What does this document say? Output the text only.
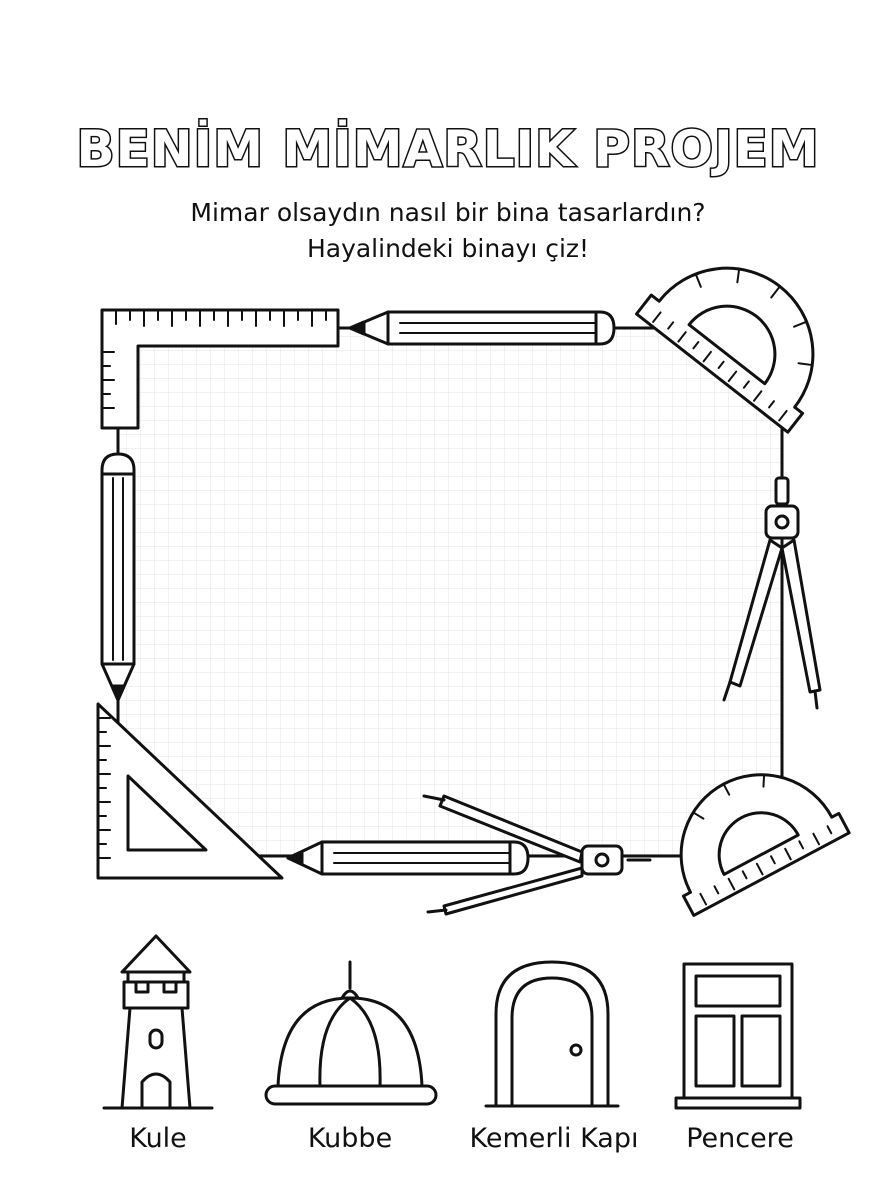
BENİM MİMARLIK PROJEM
Mimar olsaydın nasıl bir bina tasarlardın?
Hayalindeki binayı çiz!
Kule	Kubbe	Kemerli Kapı	Pencere
